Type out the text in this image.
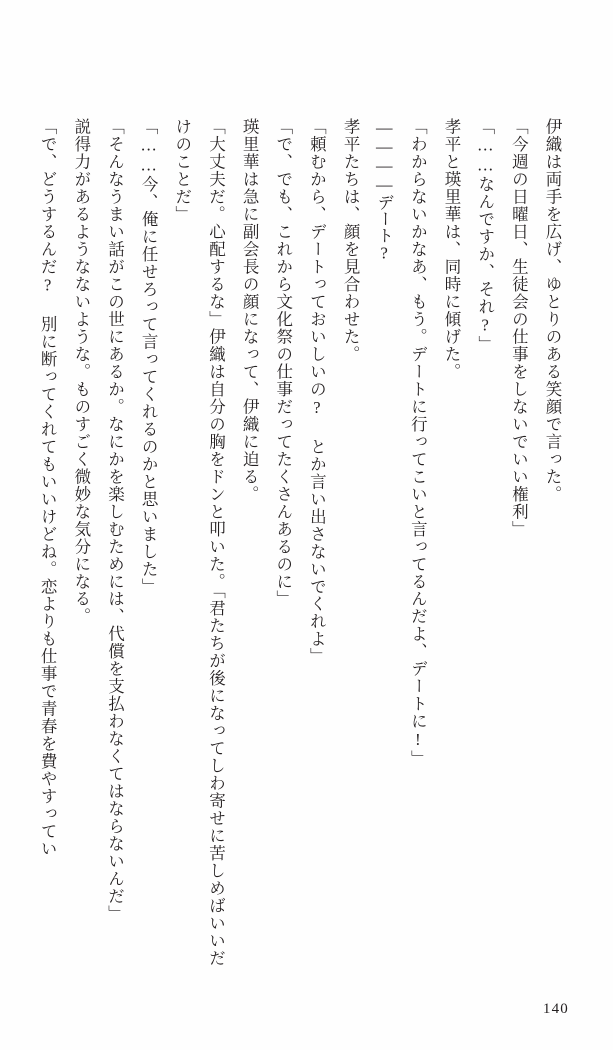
伊織は両手を広げ、ゆとりのある笑顔で言った。

「今週の日曜日、生徒会の仕事をしないでいい権利」

「……なんですか、それ?」

孝平と瑛里華は、同時に傾げた。

「わからないかなあ、もう。デートに行ってこいと言ってるんだよ、デートに!」

――――デート?

孝平たちは、顔を見合わせた。

「頼むから、デートっておいしいの? とか言い出さないでくれよ」

「で、でも、これから文化祭の仕事だってたくさんあるのに」

瑛里華は急に副会長の顔になって、伊織に迫る。

「大丈夫だ。心配するな」伊織は自分の胸をドンと叩いた。「君たちが後になってしわ寄せに苦しめばいいだけのことだ」

「……今、俺に任せろって言ってくれるのかと思いました」

「そんなうまい話がこの世にあるか。なにかを楽しむためには、代償を支払わなくてはならないんだ」

説得力があるようなないような。ものすごく微妙な気分になる。

「で、どうするんだ? 別に断ってくれてもいいけどね。恋よりも仕事で青春を費やすってい

140
